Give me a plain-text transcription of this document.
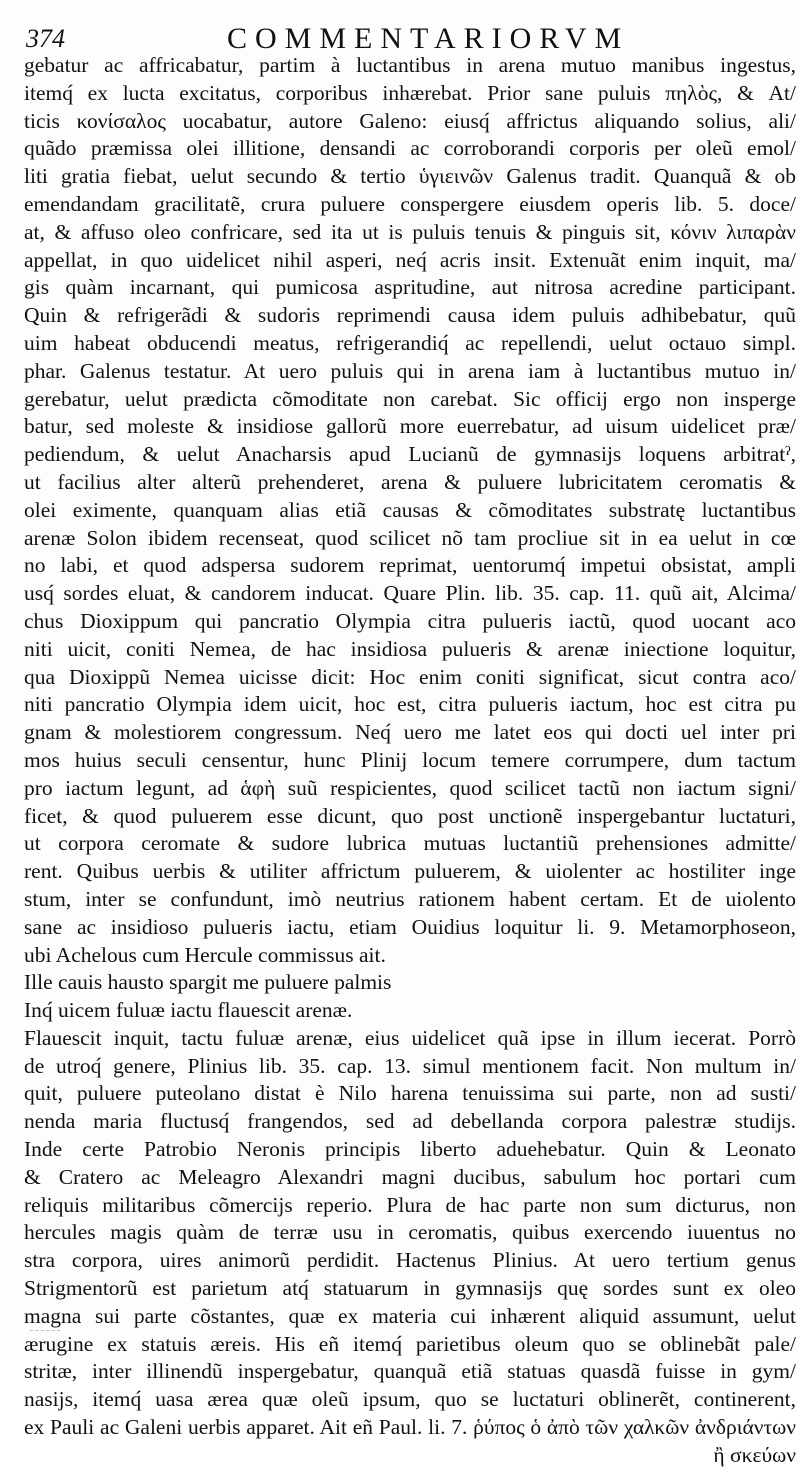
374	COMMENTARIORVM
gebatur ac affricabatur, partim à luctantibus in arena mutuo manibus ingestus,
itemq́ ex lucta excitatus, corporibus inhærebat. Prior sane puluis πηλὸς, & At/
ticis κονίσαλος uocabatur, autore Galeno: eiusq́ affrictus aliquando solius, ali/
quãdo præmissa olei illitione, densandi ac corroborandi corporis per oleũ emol/
liti gratia fiebat, uelut secundo & tertio ὑγιεινῶν Galenus tradit. Quanquã & ob
emendandam gracilitatẽ, crura puluere conspergere eiusdem operis lib. 5. doce/
at, & affuso oleo confricare, sed ita ut is puluis tenuis & pinguis sit, κόνιν λιπαρὰν
appellat, in quo uidelicet nihil asperi, neq́ acris insit. Extenuãt enim inquit, ma/
gis quàm incarnant, qui pumicosa aspritudine, aut nitrosa acredine participant.
Quin & refrigerãdi & sudoris reprimendi causa idem puluis adhibebatur, quũ
uim habeat obducendi meatus, refrigerandiq́ ac repellendi, uelut octauo simpl.
phar. Galenus testatur. At uero puluis qui in arena iam à luctantibus mutuo in/
gerebatur, uelut prædicta cõmoditate non carebat. Sic officij ergo non insperge
batur, sed moleste & insidiose gallorũ more euerrebatur, ad uisum uidelicet præ/
pediendum, & uelut Anacharsis apud Lucianũ de gymnasijs loquens arbitratˀ,
ut facilius alter alterũ prehenderet, arena & puluere lubricitatem ceromatis &
olei eximente, quanquam alias etiã causas & cõmoditates substratę luctantibus
arenæ Solon ibidem recenseat, quod scilicet nõ tam procliue sit in ea uelut in cœ
no labi, et quod adspersa sudorem reprimat, uentorumq́ impetui obsistat, ampli
usq́ sordes eluat, & candorem inducat. Quare Plin. lib. 35. cap. 11. quũ ait, Alcima/
chus Dioxippum qui pancratio Olympia citra pulueris iactũ, quod uocant aco
niti uicit, coniti Nemea, de hac insidiosa pulueris & arenæ iniectione loquitur,
qua Dioxippũ Nemea uicisse dicit: Hoc enim coniti significat, sicut contra aco/
niti pancratio Olympia idem uicit, hoc est, citra pulueris iactum, hoc est citra pu
gnam & molestiorem congressum. Neq́ uero me latet eos qui docti uel inter pri
mos huius seculi censentur, hunc Plinij locum temere corrumpere, dum tactum
pro iactum legunt, ad ἁφὴ suũ respicientes, quod scilicet tactũ non iactum signi/
ficet, & quod puluerem esse dicunt, quo post unctionẽ inspergebantur luctaturi,
ut corpora ceromate & sudore lubrica mutuas luctantiũ prehensiones admitte/
rent. Quibus uerbis & utiliter affrictum puluerem, & uiolenter ac hostiliter inge
stum, inter se confundunt, imò neutrius rationem habent certam. Et de uiolento
sane ac insidioso pulueris iactu, etiam Ouidius loquitur li. 9. Metamorphoseon,
ubi Achelous cum Hercule commissus ait.
Ille cauis hausto spargit me puluere palmis
Inq́ uicem fuluæ iactu flauescit arenæ.
Flauescit inquit, tactu fuluæ arenæ, eius uidelicet quã ipse in illum iecerat. Porrò
de utroq́ genere, Plinius lib. 35. cap. 13. simul mentionem facit. Non multum in/
quit, puluere puteolano distat è Nilo harena tenuissima sui parte, non ad susti/
nenda maria fluctusq́ frangendos, sed ad debellanda corpora palestræ studijs.
Inde certe Patrobio Neronis principis liberto aduehebatur. Quin & Leonato
& Cratero ac Meleagro Alexandri magni ducibus, sabulum hoc portari cum
reliquis militaribus cõmercijs reperio. Plura de hac parte non sum dicturus, non
hercules magis quàm de terræ usu in ceromatis, quibus exercendo iuuentus no
stra corpora, uires animorũ perdidit. Hactenus Plinius. At uero tertium genus
Strigmentorũ est parietum atq́ statuarum in gymnasijs quę sordes sunt ex oleo
magna sui parte cõstantes, quæ ex materia cui inhærent aliquid assumunt, uelut
ærugine ex statuis æreis. His eñ itemq́ parietibus oleum quo se oblinebãt pale/
stritæ, inter illinendũ inspergebatur, quanquã etiã statuas quasdã fuisse in gym/
nasijs, itemq́ uasa ærea quæ oleũ ipsum, quo se luctaturi oblinerẽt, continerent,
ex Pauli ac Galeni uerbis apparet. Ait eñ Paul. li. 7. ῥύπος ὁ ἀπὸ τῶν χαλκῶν ἀνδριάντων
ἢ σκεύων
